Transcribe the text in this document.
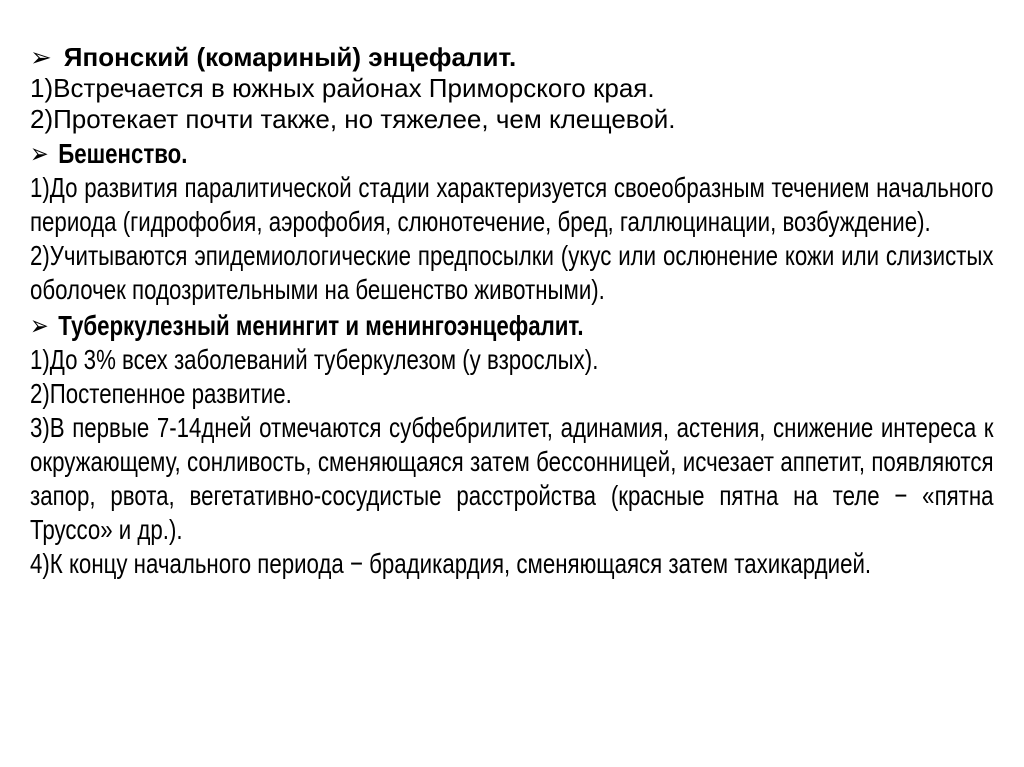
➢ Японский (комариный) энцефалит.

1)Встречается в южных районах Приморского края.

2)Протекает почти также, но тяжелее, чем клещевой.

➢ Бешенство.

1)До развития паралитической стадии характеризуется своеобразным течением начального периода (гидрофобия, аэрофобия, слюнотечение, бред, галлюцинации, возбуждение).

2)Учитываются эпидемиологические предпосылки (укус или ослюнение кожи или слизистых оболочек подозрительными на бешенство животными).

➢ Туберкулезный менингит и менингоэнцефалит.

1)До 3% всех заболеваний туберкулезом (у взрослых).

2)Постепенное развитие.

3)В первые 7-14дней отмечаются субфебрилитет, адинамия, астения, снижение интереса к окружающему, сонливость, сменяющаяся затем бессонницей, исчезает аппетит, появляются запор, рвота, вегетативно-сосудистые расстройства (красные пятна на теле − «пятна Труссо» и др.).

4)К концу начального периода − брадикардия, сменяющаяся затем тахикардией.
